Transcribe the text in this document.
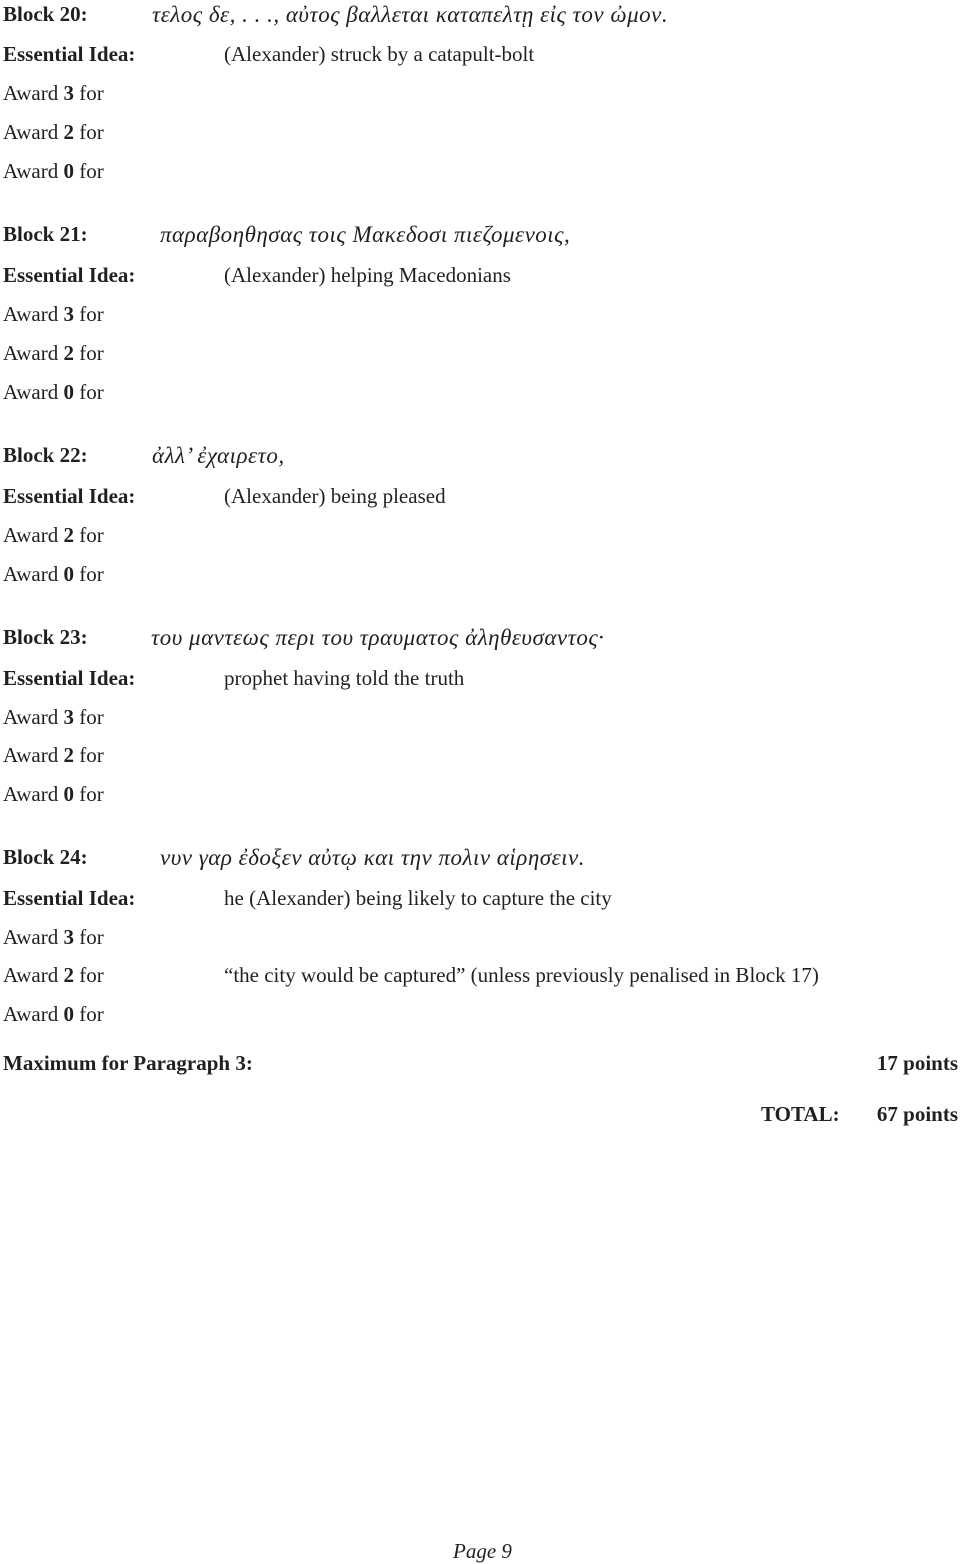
Block 20:	τελος δε, . . ., αὐτος βαλλεται καταπελτῃ εἰς τον ὠμον.
Essential Idea:	(Alexander) struck by a catapult-bolt
Award 3 for
Award 2 for
Award 0 for
Block 21:	παραβοηθησας τοις Μακεδοσι πιεζομενοις,
Essential Idea:	(Alexander) helping Macedonians
Award 3 for
Award 2 for
Award 0 for
Block 22:	ἀλλ’ ἐχαιρετο,
Essential Idea:	(Alexander) being pleased
Award 2 for
Award 0 for
Block 23:	του μαντεως περι του τραυματος ἀληθευσαντος·
Essential Idea:	prophet having told the truth
Award 3 for
Award 2 for
Award 0 for
Block 24:	νυν γαρ ἐδοξεν αὐτῳ και την πολιν αἱρησειν.
Essential Idea:	he (Alexander) being likely to capture the city
Award 3 for
Award 2 for	“the city would be captured” (unless previously penalised in Block 17)
Award 0 for
Maximum for Paragraph 3:	17 points
TOTAL: 67 points
Page 9
